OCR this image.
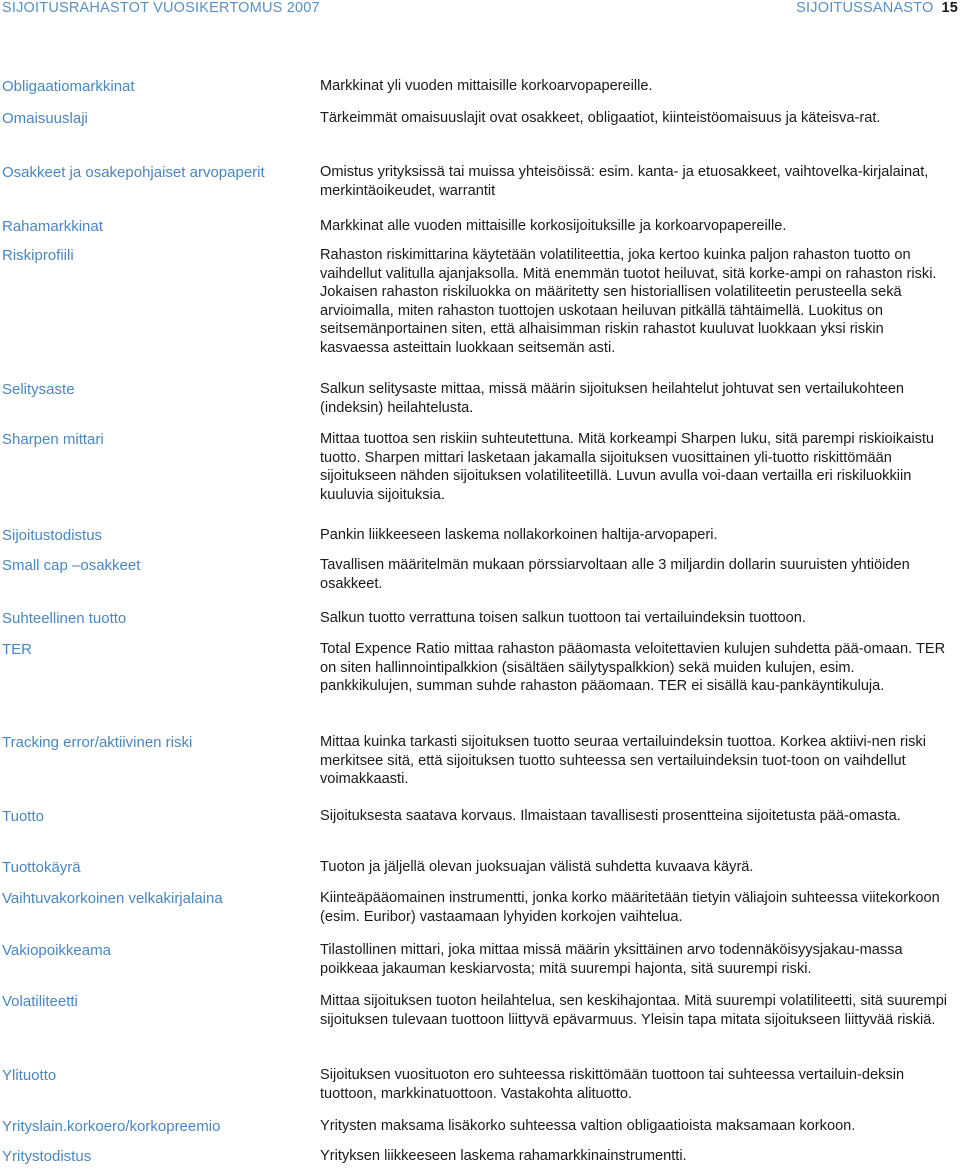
SIJOITUSRAHASTOT VUOSIKERTOMUS 2007	SIJOITUSSANASTO 15
Obligaatiomarkkinat	Markkinat yli vuoden mittaisille korkoarvopapereille.
Omaisuuslaji	Tärkeimmät omaisuuslajit ovat osakkeet, obligaatiot, kiinteistöomaisuus ja käteisva-rat.
Osakkeet ja osakepohjaiset arvopaperit	Omistus yrityksissä tai muissa yhteisöissä: esim. kanta- ja etuosakkeet, vaihtovelka-kirjalainat, merkintäoikeudet, warrantit
Rahamarkkinat	Markkinat alle vuoden mittaisille korkosijoituksille ja korkoarvopapereille.
Riskiprofiili	Rahaston riskimittarina käytetään volatiliteettia, joka kertoo kuinka paljon rahaston tuotto on vaihdellut valitulla ajanjaksolla. Mitä enemmän tuotot heiluvat, sitä korke-ampi on rahaston riski. Jokaisen rahaston riskiluokka on määritetty sen historiallisen volatiliteetin perusteella sekä arvioimalla, miten rahaston tuottojen uskotaan heiluvan pitkällä tähtäimellä. Luokitus on seitsemänportainen siten, että alhaisimman riskin rahastot kuuluvat luokkaan yksi riskin kasvaessa asteittain luokkaan seitsemän asti.
Selitysaste	Salkun selitysaste mittaa, missä määrin sijoituksen heilahtelut johtuvat sen vertailukohteen (indeksin) heilahtelusta.
Sharpen mittari	Mittaa tuottoa sen riskiin suhteutettuna. Mitä korkeampi Sharpen luku, sitä parempi riskioikaistu tuotto. Sharpen mittari lasketaan jakamalla sijoituksen vuosittainen yli-tuotto riskittömään sijoitukseen nähden sijoituksen volatiliteetillä. Luvun avulla voi-daan vertailla eri riskiluokkiin kuuluvia sijoituksia.
Sijoitustodistus	Pankin liikkeeseen laskema nollakorkoinen haltija-arvopaperi.
Small cap –osakkeet	Tavallisen määritelmän mukaan pörssiarvoltaan alle 3 miljardin dollarin suuruisten yhtiöiden osakkeet.
Suhteellinen tuotto	Salkun tuotto verrattuna toisen salkun tuottoon tai vertailuindeksin tuottoon.
TER	Total Expence Ratio mittaa rahaston pääomasta veloitettavien kulujen suhdetta pää-omaan. TER on siten hallinnointipalkkion (sisältäen säilytyspalkkion) sekä muiden kulujen, esim. pankkikulujen, summan suhde rahaston pääomaan. TER ei sisällä kau-pankäyntikuluja.
Tracking error/aktiivinen riski	Mittaa kuinka tarkasti sijoituksen tuotto seuraa vertailuindeksin tuottoa. Korkea aktiivi-nen riski merkitsee sitä, että sijoituksen tuotto suhteessa sen vertailuindeksin tuot-toon on vaihdellut voimakkaasti.
Tuotto	Sijoituksesta saatava korvaus. Ilmaistaan tavallisesti prosentteina sijoitetusta pää-omasta.
Tuottokäyrä	Tuoton ja jäljellä olevan juoksuajan välistä suhdetta kuvaava käyrä.
Vaihtuvakorkoinen velkakirjalaina	Kiinteäpääomainen instrumentti, jonka korko määritetään tietyin väliajoin suhteessa viitekorkoon (esim. Euribor) vastaamaan lyhyiden korkojen vaihtelua.
Vakiopoikkeama	Tilastollinen mittari, joka mittaa missä määrin yksittäinen arvo todennäköisyysjakau-massa poikkeaa jakauman keskiarvosta; mitä suurempi hajonta, sitä suurempi riski.
Volatiliteetti	Mittaa sijoituksen tuoton heilahtelua, sen keskihajontaa. Mitä suurempi volatiliteetti, sitä suurempi sijoituksen tulevaan tuottoon liittyvä epävarmuus. Yleisin tapa mitata sijoitukseen liittyvää riskiä.
Ylituotto	Sijoituksen vuosituoton ero suhteessa riskittömään tuottoon tai suhteessa vertailuin-deksin tuottoon, markkinatuottoon. Vastakohta alituotto.
Yrityslain.korkoero/korkopreemio	Yritysten maksama lisäkorko suhteessa valtion obligaatioista maksamaan korkoon.
Yritystodistus	Yrityksen liikkeeseen laskema rahamarkkinainstrumentti.
